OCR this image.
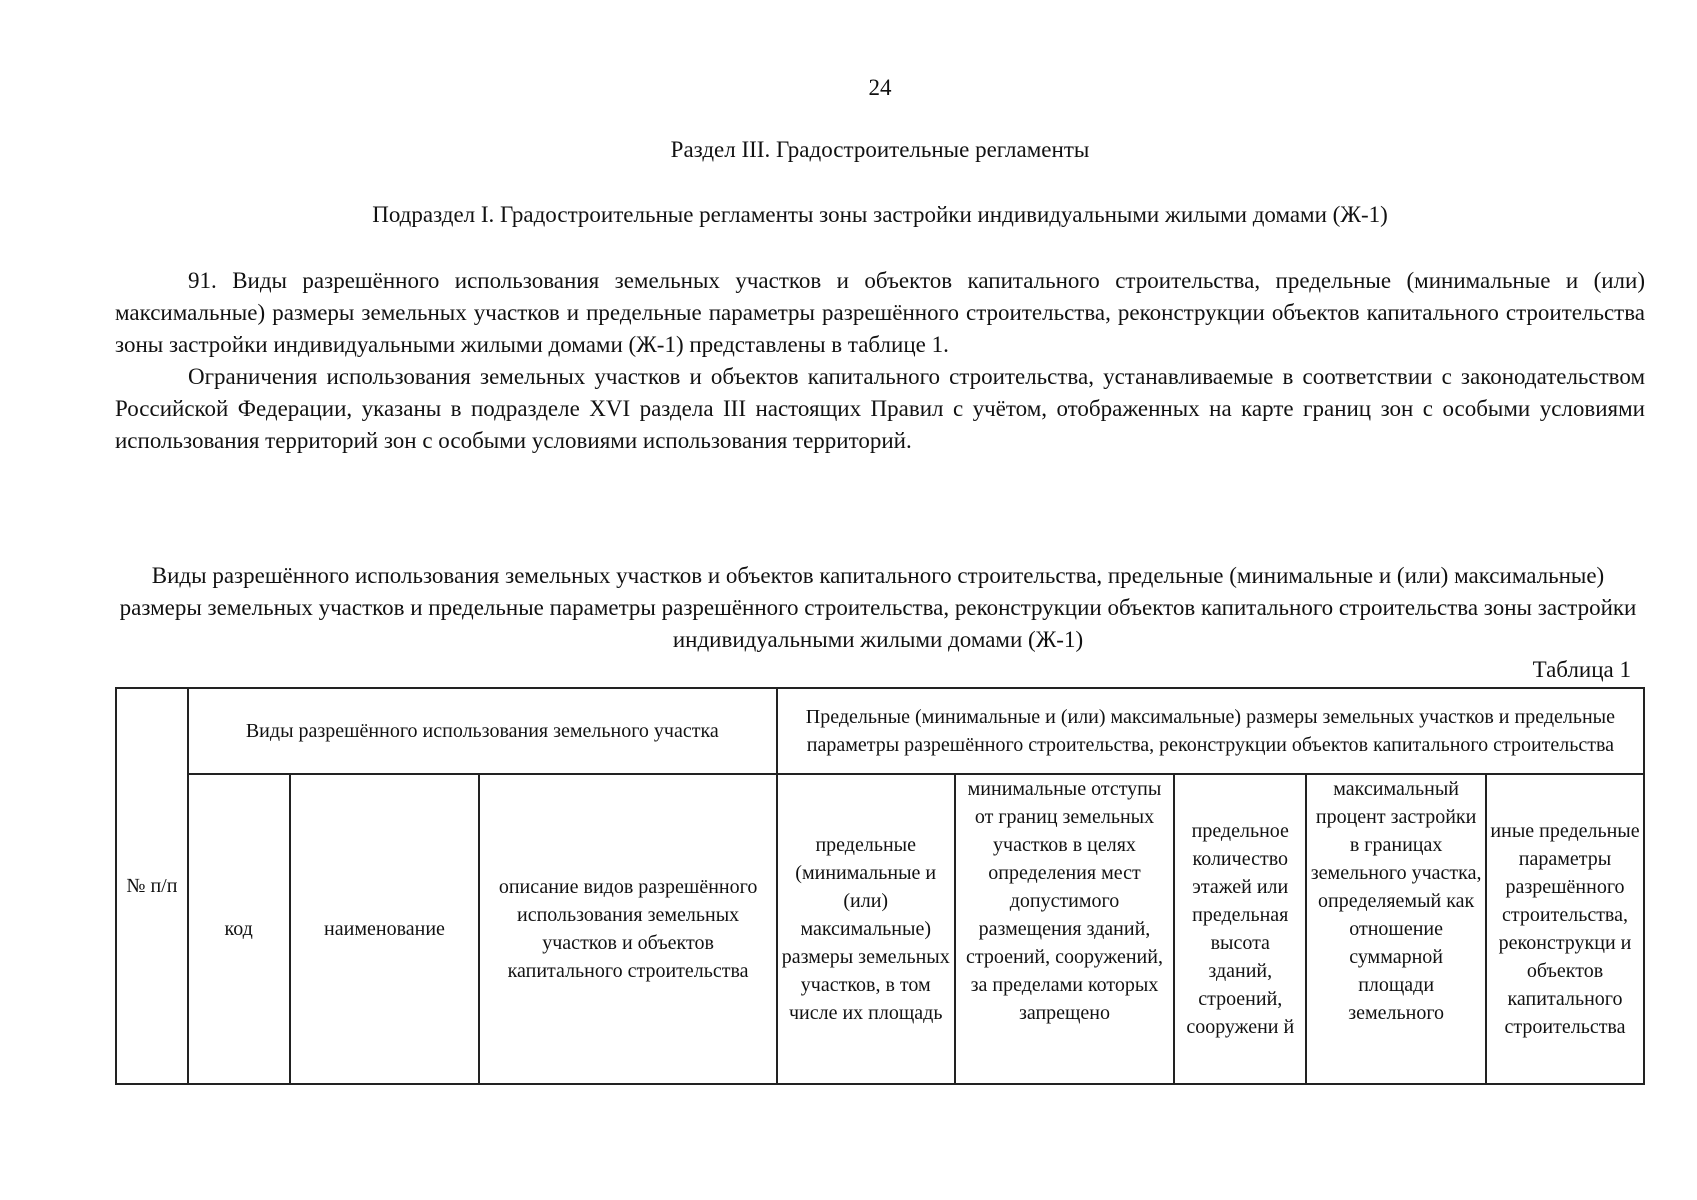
24
Раздел III. Градостроительные регламенты
Подраздел I. Градостроительные регламенты зоны застройки индивидуальными жилыми домами (Ж-1)

91. Виды разрешённого использования земельных участков и объектов капитального строительства, предельные (минимальные и (или) максимальные) размеры земельных участков и предельные параметры разрешённого строительства, реконструкции объектов капитального строительства зоны застройки индивидуальными жилыми домами (Ж-1) представлены в таблице 1.

Ограничения использования земельных участков и объектов капитального строительства, устанавливаемые в соответствии с законодательством Российской Федерации, указаны в подразделе XVI раздела III настоящих Правил с учётом, отображенных на карте границ зон с особыми условиями использования территорий зон с особыми условиями использования территорий.

Виды разрешённого использования земельных участков и объектов капитального строительства, предельные (минимальные и (или) максимальные) размеры земельных участков и предельные параметры разрешённого строительства, реконструкции объектов капитального строительства зоны застройки индивидуальными жилыми домами (Ж-1)
Таблица 1
№ п/п	Виды разрешённого использования земельного участка			Предельные (минимальные и (или) максимальные) размеры земельных участков и предельные параметры разрешённого строительства, реконструкции объектов капитального строительства				
	код	наименование	описание видов разрешённого использования земельных участков и объектов капитального строительства	предельные (минимальные и (или) максимальные) размеры земельных участков, в том числе их площадь	минимальные отступы от границ земельных участков в целях определения мест допустимого размещения зданий, строений, сооружений, за пределами которых запрещено	предельное количество этажей или предельная высота зданий, строений, сооружени й	максимальный процент застройки в границах земельного участка, определяемый как отношение суммарной площади земельного	иные предельные параметры разрешённого строительства, реконструкци и объектов капитального строительства
